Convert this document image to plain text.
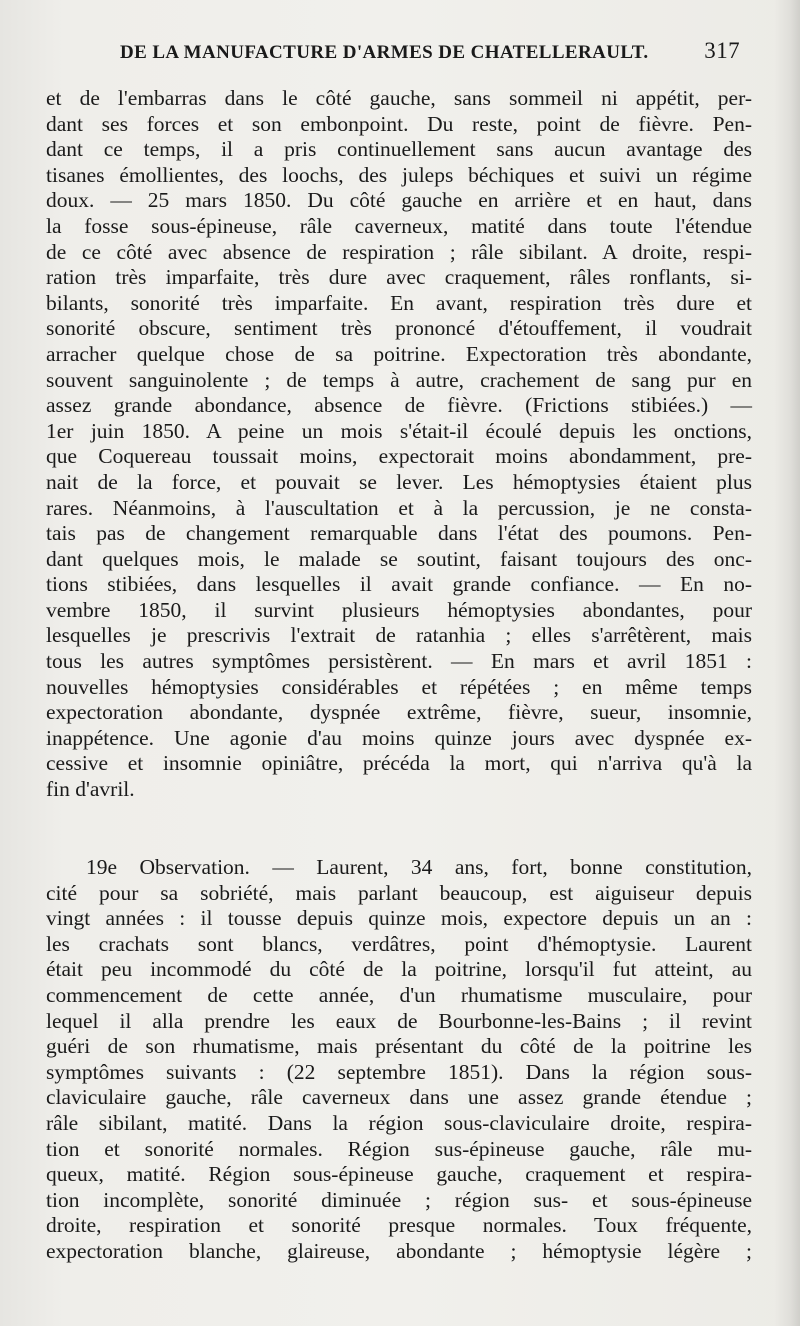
DE LA MANUFACTURE D'ARMES DE CHATELLERAULT. 317
et de l'embarras dans le côté gauche, sans sommeil ni appétit, per-
dant ses forces et son embonpoint. Du reste, point de fièvre. Pen-
dant ce temps, il a pris continuellement sans aucun avantage des
tisanes émollientes, des loochs, des juleps béchiques et suivi un régime
doux. — 25 mars 1850. Du côté gauche en arrière et en haut, dans
la fosse sous-épineuse, râle caverneux, matité dans toute l'étendue
de ce côté avec absence de respiration ; râle sibilant. A droite, respi-
ration très imparfaite, très dure avec craquement, râles ronflants, si-
bilants, sonorité très imparfaite. En avant, respiration très dure et
sonorité obscure, sentiment très prononcé d'étouffement, il voudrait
arracher quelque chose de sa poitrine. Expectoration très abondante,
souvent sanguinolente ; de temps à autre, crachement de sang pur en
assez grande abondance, absence de fièvre. (Frictions stibiées.) —
1er juin 1850. A peine un mois s'était-il écoulé depuis les onctions,
que Coquereau toussait moins, expectorait moins abondamment, pre-
nait de la force, et pouvait se lever. Les hémoptysies étaient plus
rares. Néanmoins, à l'auscultation et à la percussion, je ne consta-
tais pas de changement remarquable dans l'état des poumons. Pen-
dant quelques mois, le malade se soutint, faisant toujours des onc-
tions stibiées, dans lesquelles il avait grande confiance. — En no-
vembre 1850, il survint plusieurs hémoptysies abondantes, pour
lesquelles je prescrivis l'extrait de ratanhia ; elles s'arrêtèrent, mais
tous les autres symptômes persistèrent. — En mars et avril 1851 :
nouvelles hémoptysies considérables et répétées ; en même temps
expectoration abondante, dyspnée extrême, fièvre, sueur, insomnie,
inappétence. Une agonie d'au moins quinze jours avec dyspnée ex-
cessive et insomnie opiniâtre, précéda la mort, qui n'arriva qu'à la
fin d'avril.
19e Observation. — Laurent, 34 ans, fort, bonne constitution,
cité pour sa sobriété, mais parlant beaucoup, est aiguiseur depuis
vingt années : il tousse depuis quinze mois, expectore depuis un an :
les crachats sont blancs, verdâtres, point d'hémoptysie. Laurent
était peu incommodé du côté de la poitrine, lorsqu'il fut atteint, au
commencement de cette année, d'un rhumatisme musculaire, pour
lequel il alla prendre les eaux de Bourbonne-les-Bains ; il revint
guéri de son rhumatisme, mais présentant du côté de la poitrine les
symptômes suivants : (22 septembre 1851). Dans la région sous-
claviculaire gauche, râle caverneux dans une assez grande étendue ;
râle sibilant, matité. Dans la région sous-claviculaire droite, respira-
tion et sonorité normales. Région sus-épineuse gauche, râle mu-
queux, matité. Région sous-épineuse gauche, craquement et respira-
tion incomplète, sonorité diminuée ; région sus- et sous-épineuse
droite, respiration et sonorité presque normales. Toux fréquente,
expectoration blanche, glaireuse, abondante ; hémoptysie légère ;
